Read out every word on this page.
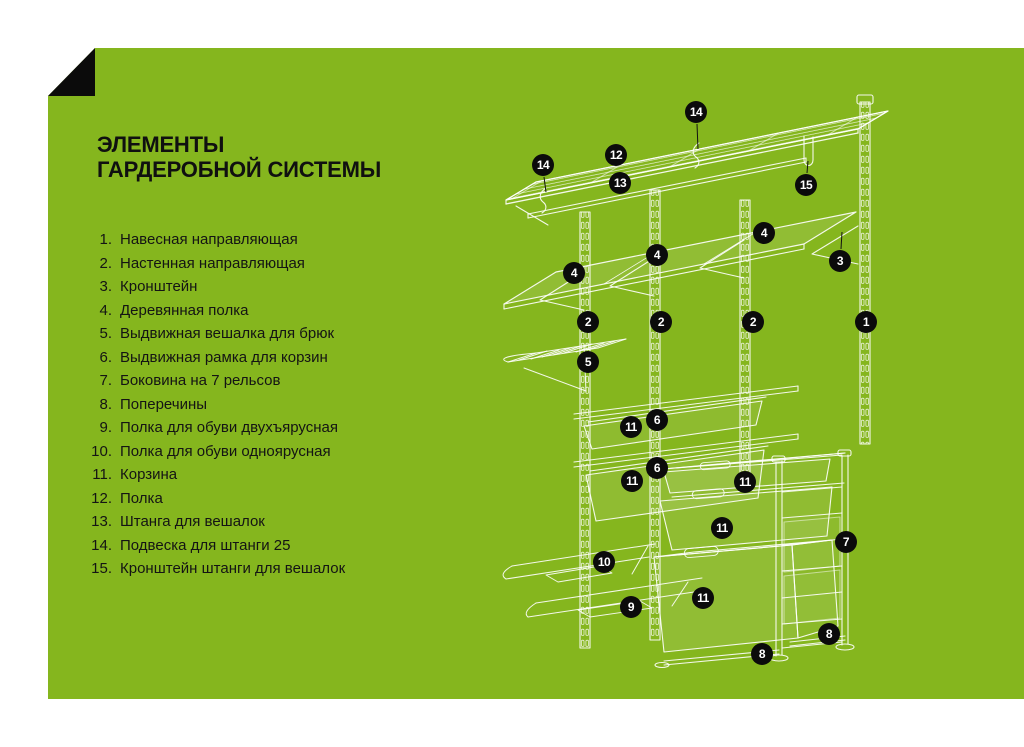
ЭЛЕМЕНТЫ
ГАРДЕРОБНОЙ СИСТЕМЫ
1. Навесная направляющая
2. Настенная направляющая
3. Кронштейн
4. Деревянная полка
5. Выдвижная вешалка для брюк
6. Выдвижная рамка для корзин
7. Боковина на 7 рельсов
8. Поперечины
9. Полка для обуви двухъярусная
10. Полка для обуви одноярусная
11. Корзина
12. Полка
13. Штанга для вешалок
14. Подвеска для штанги 25
15. Кронштейн штанги для вешалок
14
12
13
14
15
4
4
4
3
2	2	2	1
5
6
11
6
11	11
11
7
10
11
9
8
8
